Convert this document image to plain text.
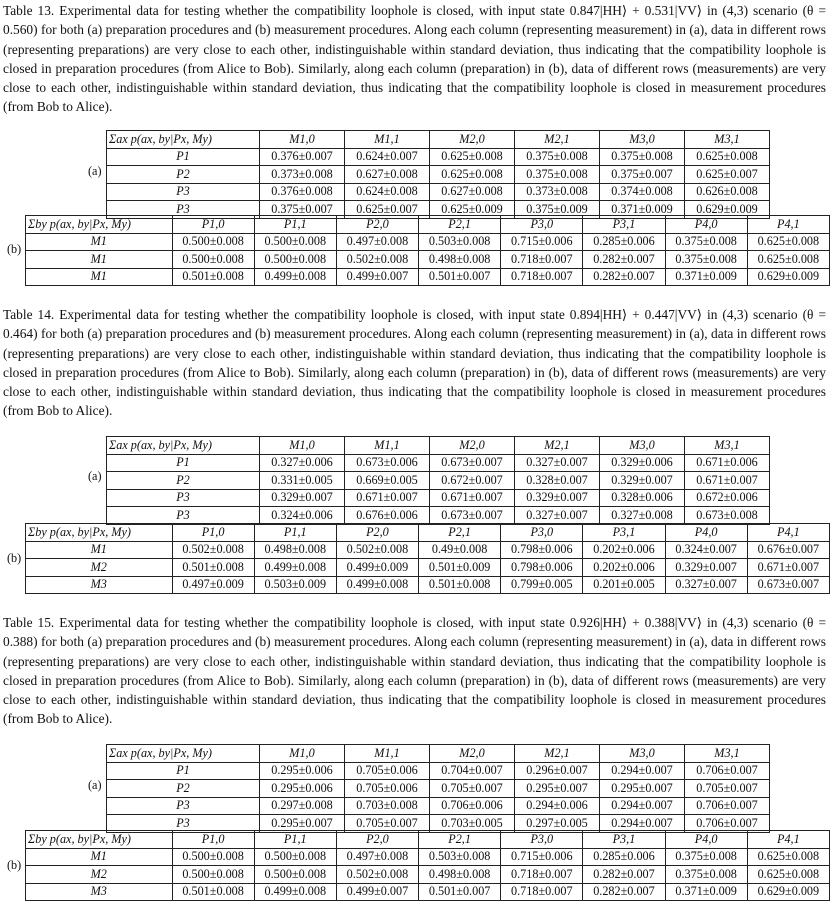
Table 13. Experimental data for testing whether the compatibility loophole is closed, with input state 0.847|HH⟩ + 0.531|VV⟩ in (4,3) scenario (θ = 0.560) for both (a) preparation procedures and (b) measurement procedures. Along each column (representing measurement) in (a), data in different rows (representing preparations) are very close to each other, indistinguishable within standard deviation, thus indicating that the compatibility loophole is closed in preparation procedures (from Alice to Bob). Similarly, along each column (preparation) in (b), data of different rows (measurements) are very close to each other, indistinguishable within standard deviation, thus indicating that the compatibility loophole is closed in measurement procedures (from Bob to Alice).
(a)
Σax p(ax, by|Px, My)	M1,0	M1,1	M2,0	M2,1	M3,0	M3,1
P1	0.376±0.007	0.624±0.007	0.625±0.008	0.375±0.008	0.375±0.008	0.625±0.008
P2	0.373±0.008	0.627±0.008	0.625±0.008	0.375±0.008	0.375±0.007	0.625±0.007
P3	0.376±0.008	0.624±0.008	0.627±0.008	0.373±0.008	0.374±0.008	0.626±0.008
P3	0.375±0.007	0.625±0.007	0.625±0.009	0.375±0.009	0.371±0.009	0.629±0.009
(b)
Σby p(ax, by|Px, My)	P1,0	P1,1	P2,0	P2,1	P3,0	P3,1	P4,0	P4,1
M1	0.500±0.008	0.500±0.008	0.497±0.008	0.503±0.008	0.715±0.006	0.285±0.006	0.375±0.008	0.625±0.008
M1	0.500±0.008	0.500±0.008	0.502±0.008	0.498±0.008	0.718±0.007	0.282±0.007	0.375±0.008	0.625±0.008
M1	0.501±0.008	0.499±0.008	0.499±0.007	0.501±0.007	0.718±0.007	0.282±0.007	0.371±0.009	0.629±0.009
Table 14. Experimental data for testing whether the compatibility loophole is closed, with input state 0.894|HH⟩ + 0.447|VV⟩ in (4,3) scenario (θ = 0.464) for both (a) preparation procedures and (b) measurement procedures. Along each column (representing measurement) in (a), data in different rows (representing preparations) are very close to each other, indistinguishable within standard deviation, thus indicating that the compatibility loophole is closed in preparation procedures (from Alice to Bob). Similarly, along each column (preparation) in (b), data of different rows (measurements) are very close to each other, indistinguishable within standard deviation, thus indicating that the compatibility loophole is closed in measurement procedures (from Bob to Alice).
(a)
Σax p(ax, by|Px, My)	M1,0	M1,1	M2,0	M2,1	M3,0	M3,1
P1	0.327±0.006	0.673±0.006	0.673±0.007	0.327±0.007	0.329±0.006	0.671±0.006
P2	0.331±0.005	0.669±0.005	0.672±0.007	0.328±0.007	0.329±0.007	0.671±0.007
P3	0.329±0.007	0.671±0.007	0.671±0.007	0.329±0.007	0.328±0.006	0.672±0.006
P3	0.324±0.006	0.676±0.006	0.673±0.007	0.327±0.007	0.327±0.008	0.673±0.008
(b)
Σby p(ax, by|Px, My)	P1,0	P1,1	P2,0	P2,1	P3,0	P3,1	P4,0	P4,1
M1	0.502±0.008	0.498±0.008	0.502±0.008	0.49±0.008	0.798±0.006	0.202±0.006	0.324±0.007	0.676±0.007
M2	0.501±0.008	0.499±0.008	0.499±0.009	0.501±0.009	0.798±0.006	0.202±0.006	0.329±0.007	0.671±0.007
M3	0.497±0.009	0.503±0.009	0.499±0.008	0.501±0.008	0.799±0.005	0.201±0.005	0.327±0.007	0.673±0.007
Table 15. Experimental data for testing whether the compatibility loophole is closed, with input state 0.926|HH⟩ + 0.388|VV⟩ in (4,3) scenario (θ = 0.388) for both (a) preparation procedures and (b) measurement procedures. Along each column (representing measurement) in (a), data in different rows (representing preparations) are very close to each other, indistinguishable within standard deviation, thus indicating that the compatibility loophole is closed in preparation procedures (from Alice to Bob). Similarly, along each column (preparation) in (b), data of different rows (measurements) are very close to each other, indistinguishable within standard deviation, thus indicating that the compatibility loophole is closed in measurement procedures (from Bob to Alice).
(a)
Σax p(ax, by|Px, My)	M1,0	M1,1	M2,0	M2,1	M3,0	M3,1
P1	0.295±0.006	0.705±0.006	0.704±0.007	0.296±0.007	0.294±0.007	0.706±0.007
P2	0.295±0.006	0.705±0.006	0.705±0.007	0.295±0.007	0.295±0.007	0.705±0.007
P3	0.297±0.008	0.703±0.008	0.706±0.006	0.294±0.006	0.294±0.007	0.706±0.007
P3	0.295±0.007	0.705±0.007	0.703±0.005	0.297±0.005	0.294±0.007	0.706±0.007
(b)
Σby p(ax, by|Px, My)	P1,0	P1,1	P2,0	P2,1	P3,0	P3,1	P4,0	P4,1
M1	0.500±0.008	0.500±0.008	0.497±0.008	0.503±0.008	0.715±0.006	0.285±0.006	0.375±0.008	0.625±0.008
M2	0.500±0.008	0.500±0.008	0.502±0.008	0.498±0.008	0.718±0.007	0.282±0.007	0.375±0.008	0.625±0.008
M3	0.501±0.008	0.499±0.008	0.499±0.007	0.501±0.007	0.718±0.007	0.282±0.007	0.371±0.009	0.629±0.009
